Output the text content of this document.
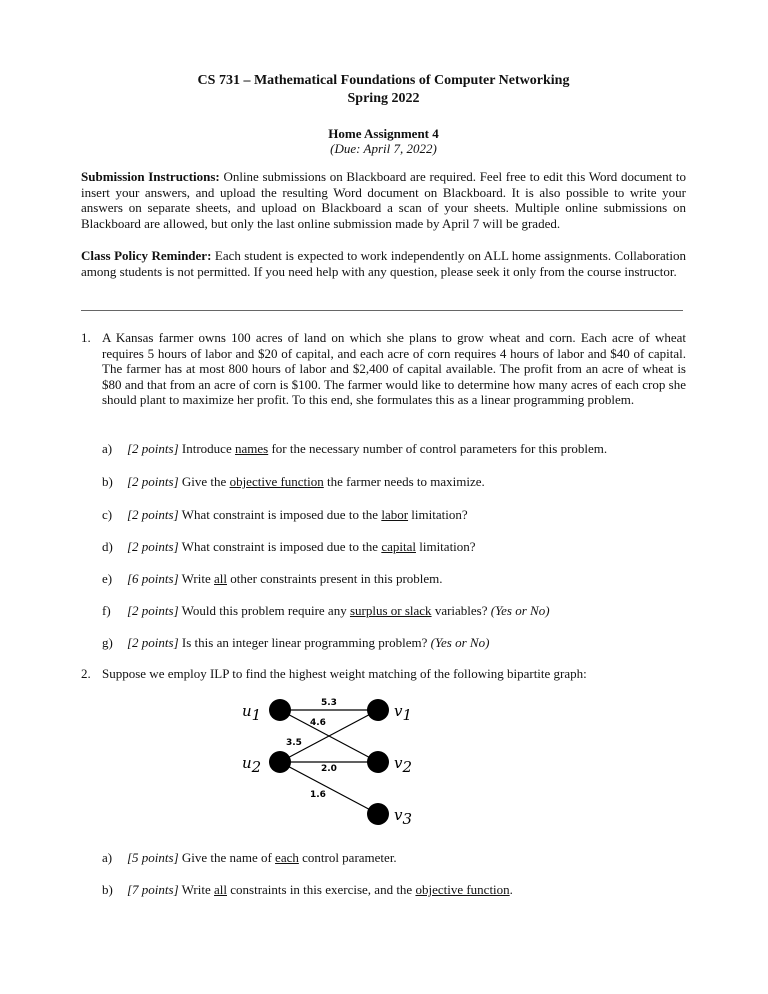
CS 731 – Mathematical Foundations of Computer Networking
Spring 2022
Home Assignment 4
(Due: April 7, 2022)
Submission Instructions: Online submissions on Blackboard are required. Feel free to edit this Word document to insert your answers, and upload the resulting Word document on Blackboard. It is also possible to write your answers on separate sheets, and upload on Blackboard a scan of your sheets. Multiple online submissions on Blackboard are allowed, but only the last online submission made by April 7 will be graded.
Class Policy Reminder: Each student is expected to work independently on ALL home assignments. Collaboration among students is not permitted. If you need help with any question, please seek it only from the course instructor.
1. A Kansas farmer owns 100 acres of land on which she plans to grow wheat and corn. Each acre of wheat requires 5 hours of labor and $20 of capital, and each acre of corn requires 4 hours of labor and $40 of capital. The farmer has at most 800 hours of labor and $2,400 of capital available. The profit from an acre of wheat is $80 and that from an acre of corn is $100. The farmer would like to determine how many acres of each crop she should plant to maximize her profit. To this end, she formulates this as a linear programming problem.
a) [2 points] Introduce names for the necessary number of control parameters for this problem.
b) [2 points] Give the objective function the farmer needs to maximize.
c) [2 points] What constraint is imposed due to the labor limitation?
d) [2 points] What constraint is imposed due to the capital limitation?
e) [6 points] Write all other constraints present in this problem.
f) [2 points] Would this problem require any surplus or slack variables? (Yes or No)
g) [2 points] Is this an integer linear programming problem? (Yes or No)
2. Suppose we employ ILP to find the highest weight matching of the following bipartite graph:
u 1
u 2
v 1
v 2
v 3
5.3
4.6
3.5
2.0
1.6
a) [5 points] Give the name of each control parameter.
b) [7 points] Write all constraints in this exercise, and the objective function.
